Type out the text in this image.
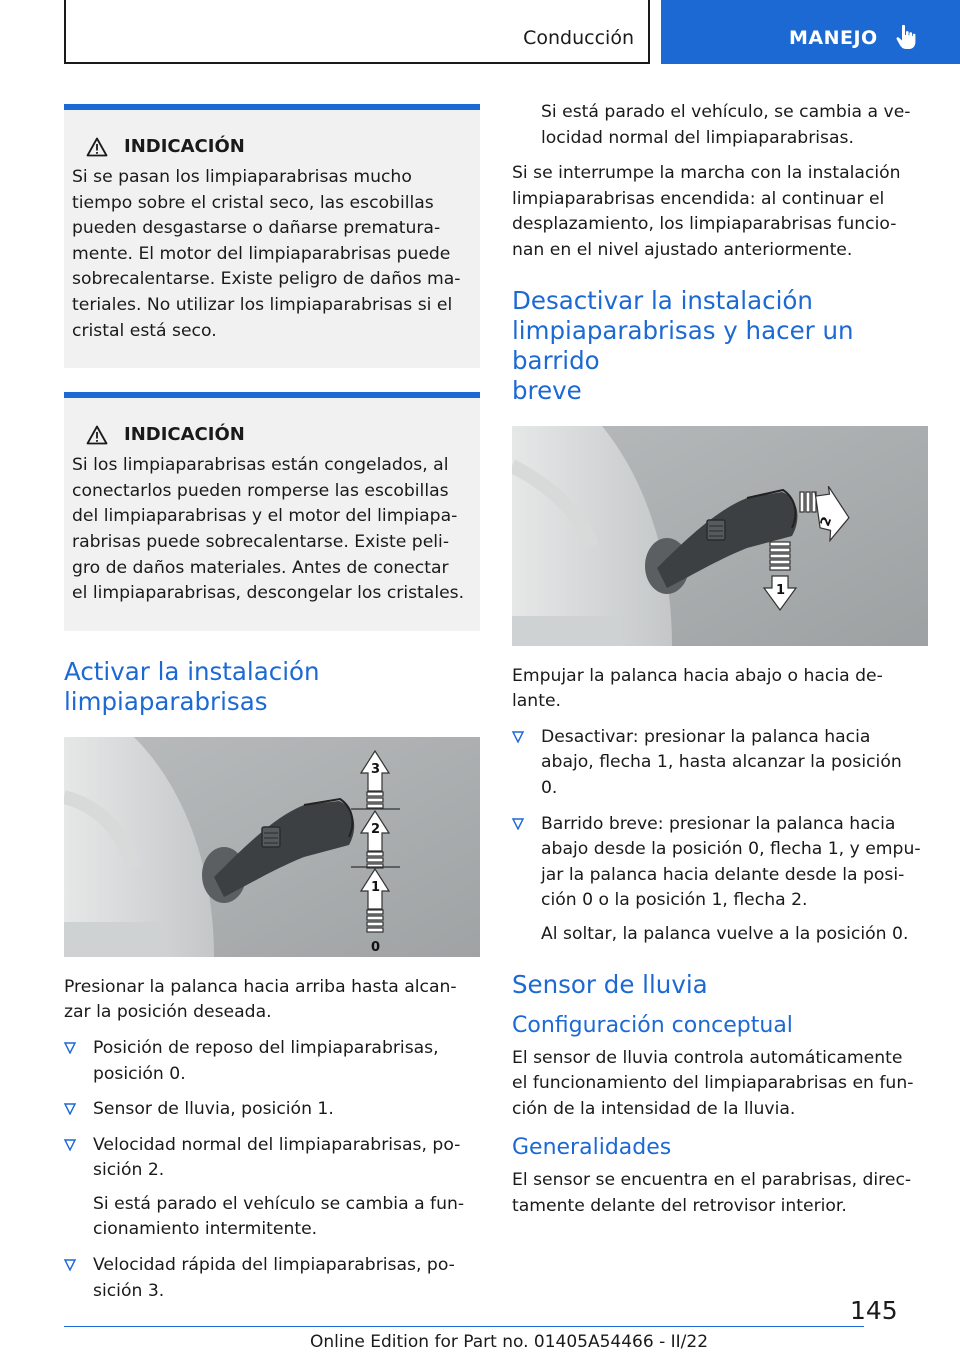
Conducción	MANEJO
INDICACIÓN

Si se pasan los limpiaparabrisas mucho
tiempo sobre el cristal seco, las escobillas
pueden desgastarse o dañarse prematura-
mente. El motor del limpiaparabrisas puede
sobrecalentarse. Existe peligro de daños ma-
teriales. No utilizar los limpiaparabrisas si el
cristal está seco.

INDICACIÓN

Si los limpiaparabrisas están congelados, al
conectarlos pueden romperse las escobillas
del limpiaparabrisas y el motor del limpiapa-
rabrisas puede sobrecalentarse. Existe peli-
gro de daños materiales. Antes de conectar
el limpiaparabrisas, descongelar los cristales.

Activar la instalación
limpiaparabrisas
3
2
1
0

Presionar la palanca hacia arriba hasta alcan-
zar la posición deseada.

Posición de reposo del limpiaparabrisas,
posición 0.
Sensor de lluvia, posición 1.
Velocidad normal del limpiaparabrisas, po-
sición 2.

Si está parado el vehículo se cambia a fun-
cionamiento intermitente.

Velocidad rápida del limpiaparabrisas, po-
sición 3.

Si está parado el vehículo, se cambia a ve-
locidad normal del limpiaparabrisas.

Si se interrumpe la marcha con la instalación
limpiaparabrisas encendida: al continuar el
desplazamiento, los limpiaparabrisas funcio-
nan en el nivel ajustado anteriormente.

Desactivar la instalación
limpiaparabrisas y hacer un barrido
breve
2
1

Empujar la palanca hacia abajo o hacia de-
lante.

Desactivar: presionar la palanca hacia
abajo, flecha 1, hasta alcanzar la posición
0.
Barrido breve: presionar la palanca hacia
abajo desde la posición 0, flecha 1, y empu-
jar la palanca hacia delante desde la posi-
ción 0 o la posición 1, flecha 2.

Al soltar, la palanca vuelve a la posición 0.

Sensor de lluvia
Configuración conceptual

El sensor de lluvia controla automáticamente
el funcionamiento del limpiaparabrisas en fun-
ción de la intensidad de la lluvia.

Generalidades

El sensor se encuentra en el parabrisas, direc-
tamente delante del retrovisor interior.

145
Online Edition for Part no. 01405A54466 - II/22
